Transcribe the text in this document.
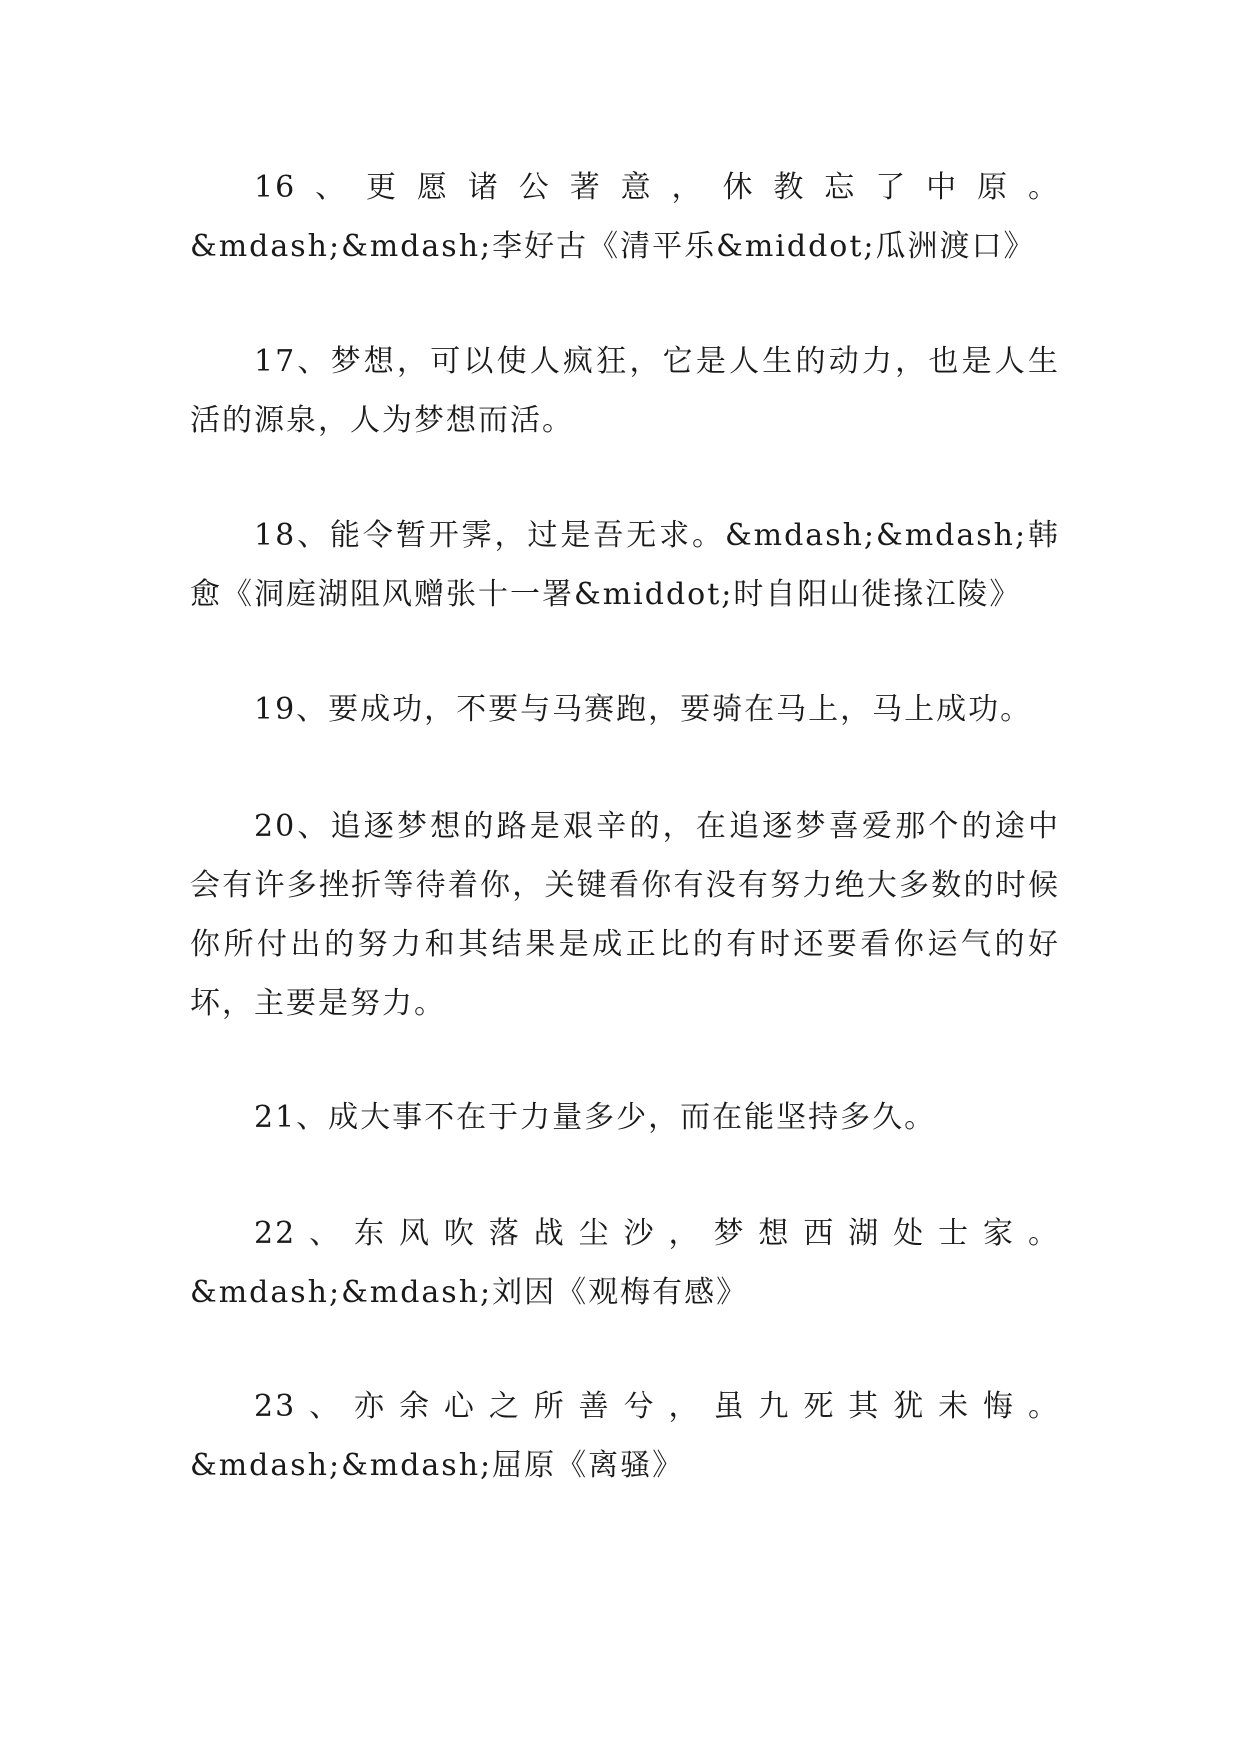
16、更愿诸公著意，休教忘了中原。&mdash;&mdash;李好古《清平乐&middot;瓜洲渡口》

17、梦想，可以使人疯狂，它是人生的动力，也是人生活的源泉，人为梦想而活。

18、能令暂开霁，过是吾无求。&mdash;&mdash;韩愈《洞庭湖阻风赠张十一署&middot;时自阳山徙掾江陵》

19、要成功，不要与马赛跑，要骑在马上，马上成功。

20、追逐梦想的路是艰辛的，在追逐梦喜爱那个的途中会有许多挫折等待着你，关键看你有没有努力绝大多数的时候你所付出的努力和其结果是成正比的有时还要看你运气的好坏，主要是努力。

21、成大事不在于力量多少，而在能坚持多久。

22、东风吹落战尘沙，梦想西湖处士家。&mdash;&mdash;刘因《观梅有感》

23、亦余心之所善兮，虽九死其犹未悔。&mdash;&mdash;屈原《离骚》
